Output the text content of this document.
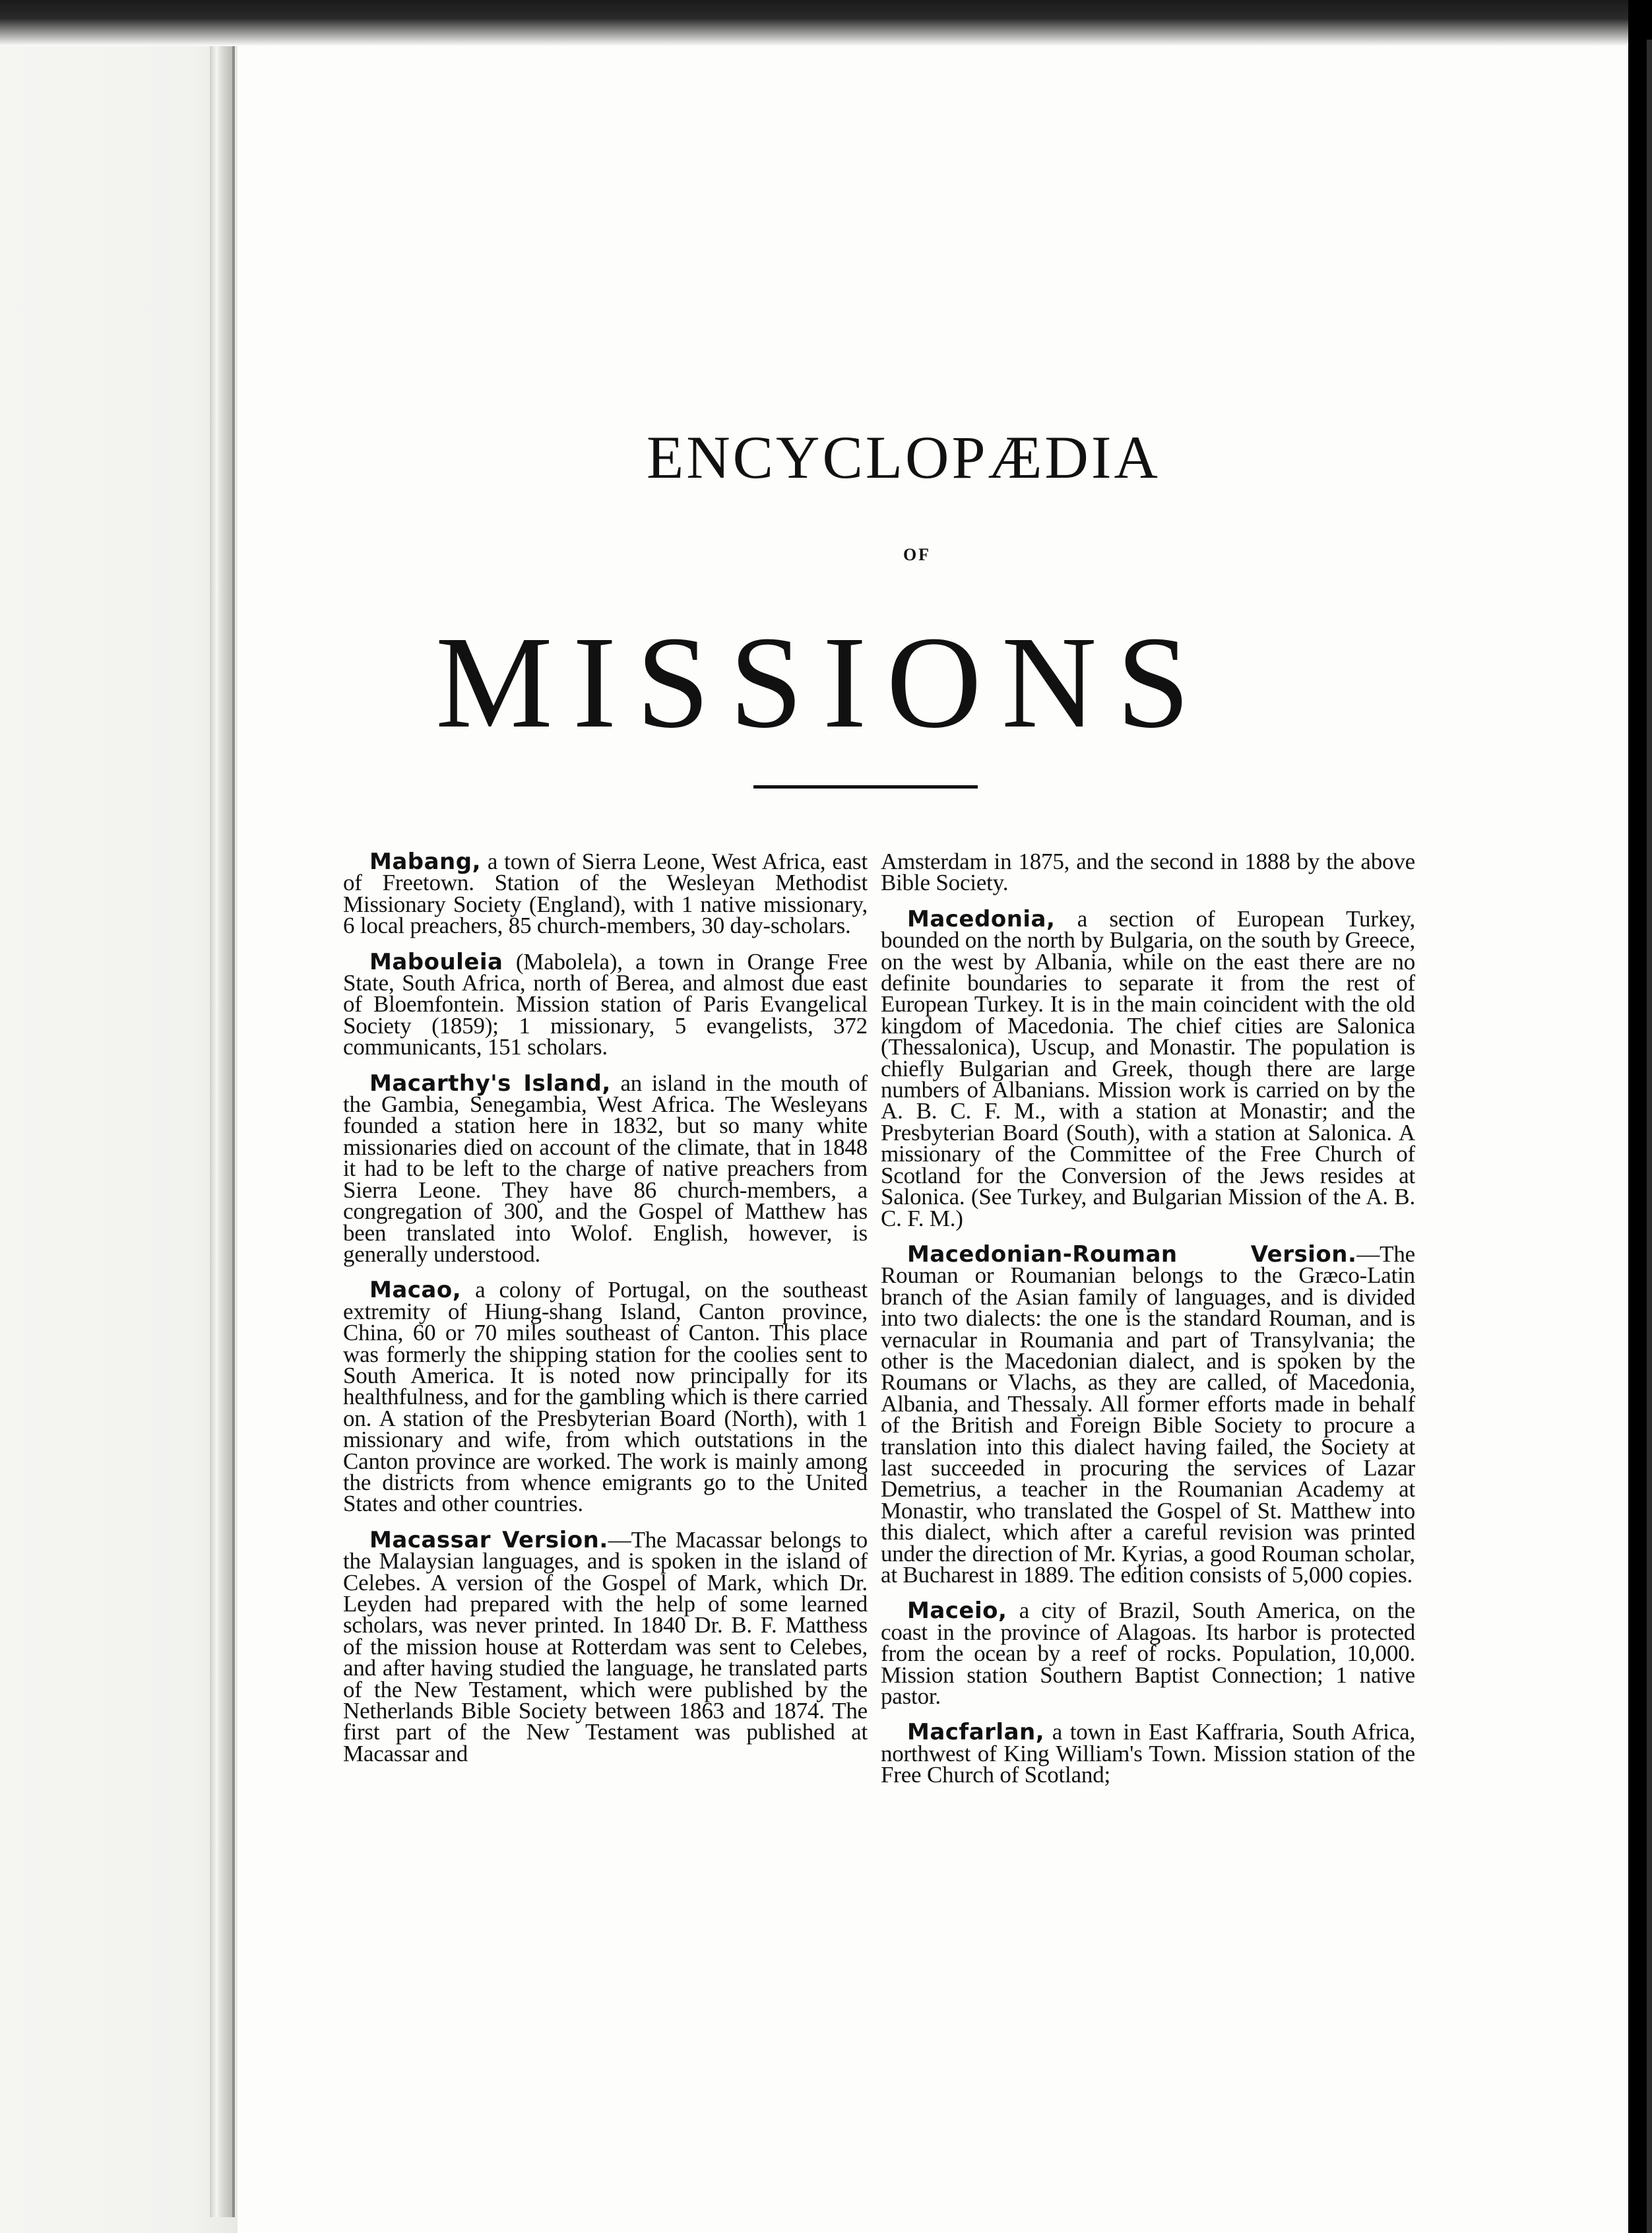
ENCYCLOPÆDIA
OF
MISSIONS

Mabang, a town of Sierra Leone, West Africa, east of Freetown. Station of the Wesleyan Methodist Missionary Society (England), with 1 native missionary, 6 local preachers, 85 church-members, 30 day-scholars.

Mabouleia (Mabolela), a town in Orange Free State, South Africa, north of Berea, and almost due east of Bloemfontein. Mission station of Paris Evangelical Society (1859); 1 missionary, 5 evangelists, 372 communicants, 151 scholars.

Macarthy's Island, an island in the mouth of the Gambia, Senegambia, West Africa. The Wesleyans founded a station here in 1832, but so many white missionaries died on account of the climate, that in 1848 it had to be left to the charge of native preachers from Sierra Leone. They have 86 church-members, a congregation of 300, and the Gospel of Matthew has been translated into Wolof. English, however, is generally understood.

Macao, a colony of Portugal, on the southeast extremity of Hiung-shang Island, Canton province, China, 60 or 70 miles southeast of Canton. This place was formerly the shipping station for the coolies sent to South America. It is noted now principally for its healthfulness, and for the gambling which is there carried on. A station of the Presbyterian Board (North), with 1 missionary and wife, from which outstations in the Canton province are worked. The work is mainly among the districts from whence emigrants go to the United States and other countries.

Macassar Version.—The Macassar belongs to the Malaysian languages, and is spoken in the island of Celebes. A version of the Gospel of Mark, which Dr. Leyden had prepared with the help of some learned scholars, was never printed. In 1840 Dr. B. F. Matthess of the mission house at Rotterdam was sent to Celebes, and after having studied the language, he translated parts of the New Testament, which were published by the Netherlands Bible Society between 1863 and 1874. The first part of the New Testament was published at Macassar and

Amsterdam in 1875, and the second in 1888 by the above Bible Society.

Macedonia, a section of European Turkey, bounded on the north by Bulgaria, on the south by Greece, on the west by Albania, while on the east there are no definite boundaries to separate it from the rest of European Turkey. It is in the main coincident with the old kingdom of Macedonia. The chief cities are Salonica (Thessalonica), Uscup, and Monastir. The population is chiefly Bulgarian and Greek, though there are large numbers of Albanians. Mission work is carried on by the A. B. C. F. M., with a station at Monastir; and the Presbyterian Board (South), with a station at Salonica. A missionary of the Committee of the Free Church of Scotland for the Conversion of the Jews resides at Salonica. (See Turkey, and Bulgarian Mission of the A. B. C. F. M.)

Macedonian-Rouman Version.—The Rouman or Roumanian belongs to the Græco-Latin branch of the Asian family of languages, and is divided into two dialects: the one is the standard Rouman, and is vernacular in Roumania and part of Transylvania; the other is the Macedonian dialect, and is spoken by the Roumans or Vlachs, as they are called, of Macedonia, Albania, and Thessaly. All former efforts made in behalf of the British and Foreign Bible Society to procure a translation into this dialect having failed, the Society at last succeeded in procuring the services of Lazar Demetrius, a teacher in the Roumanian Academy at Monastir, who translated the Gospel of St. Matthew into this dialect, which after a careful revision was printed under the direction of Mr. Kyrias, a good Rouman scholar, at Bucharest in 1889. The edition consists of 5,000 copies.

Maceio, a city of Brazil, South America, on the coast in the province of Alagoas. Its harbor is protected from the ocean by a reef of rocks. Population, 10,000. Mission station Southern Baptist Connection; 1 native pastor.

Macfarlan, a town in East Kaffraria, South Africa, northwest of King William's Town. Mission station of the Free Church of Scotland;
